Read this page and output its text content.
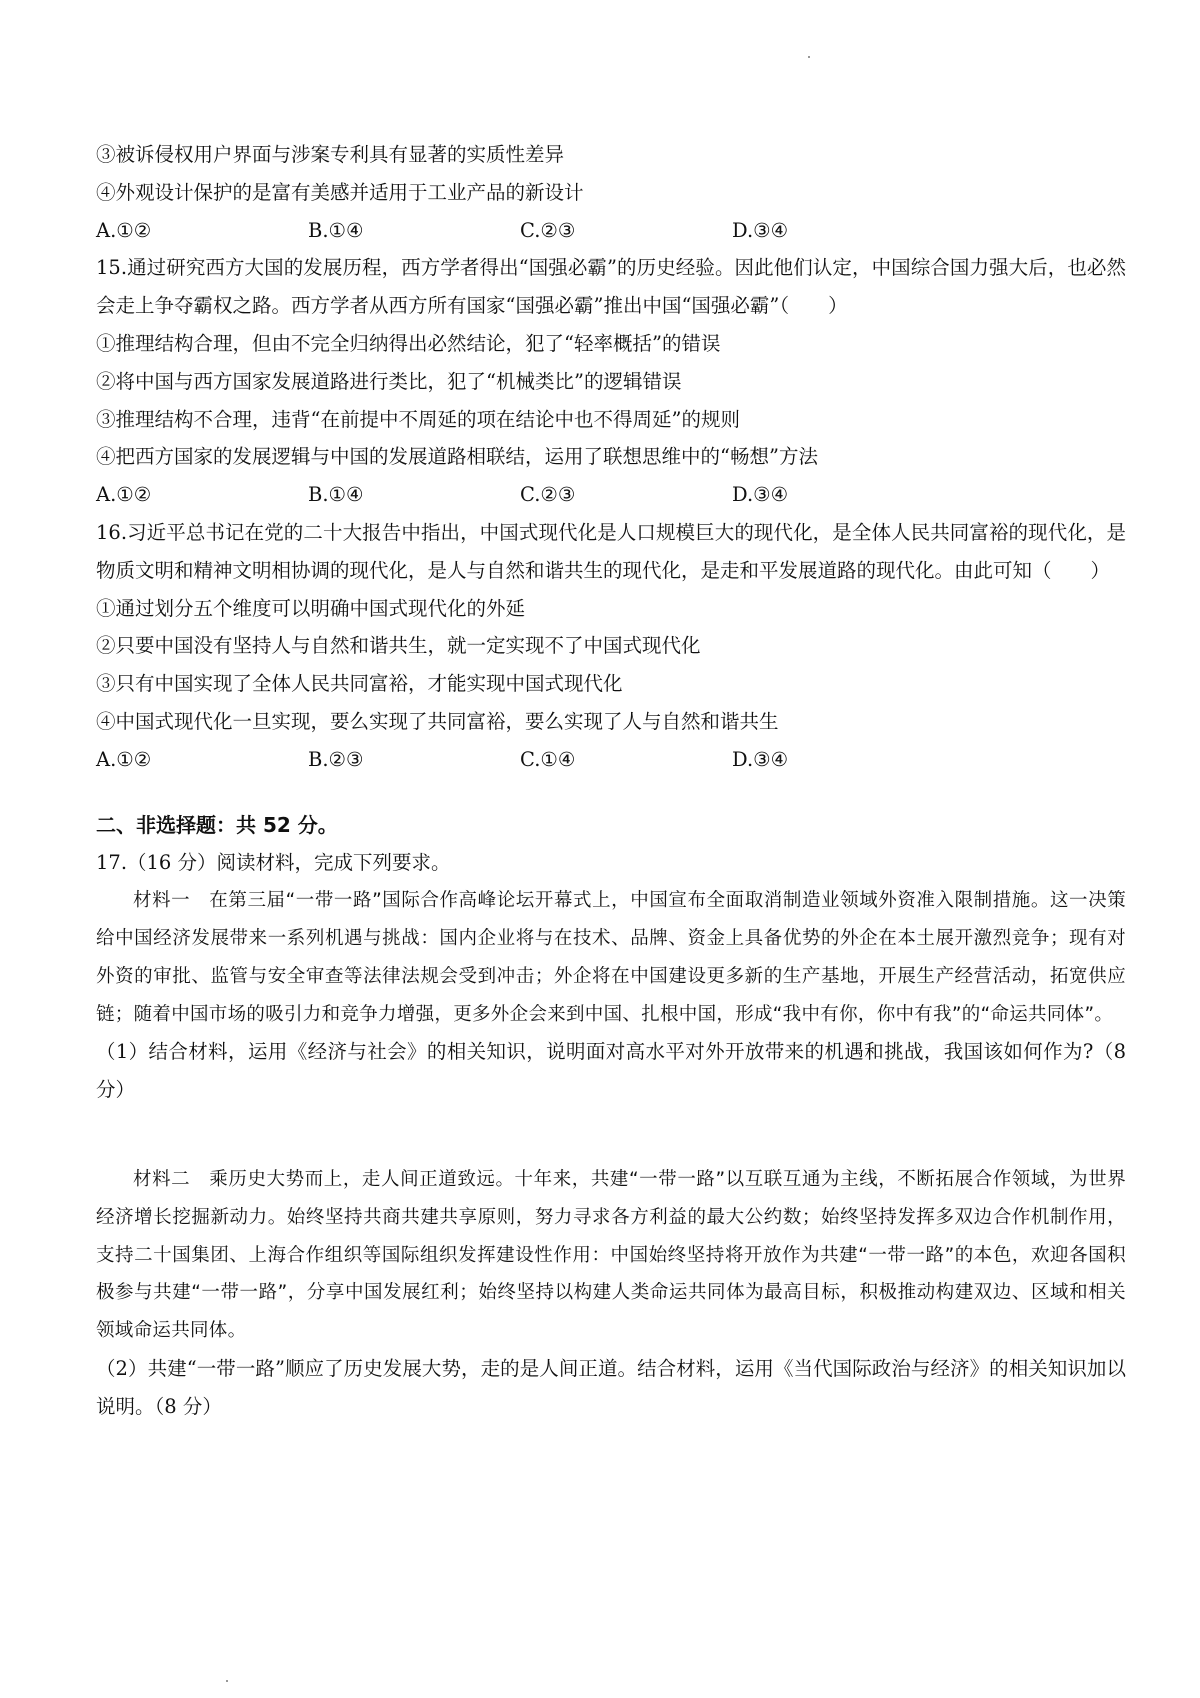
③被诉侵权用户界面与涉案专利具有显著的实质性差异
④外观设计保护的是富有美感并适用于工业产品的新设计
A.①②	B.①④	C.②③	D.③④
15.通过研究西方大国的发展历程，西方学者得出“国强必霸”的历史经验。因此他们认定，中国综合国力强大后，也必然会走上争夺霸权之路。西方学者从西方所有国家“国强必霸”推出中国“国强必霸”（　　）
①推理结构合理，但由不完全归纳得出必然结论，犯了“轻率概括”的错误
②将中国与西方国家发展道路进行类比，犯了“机械类比”的逻辑错误
③推理结构不合理，违背“在前提中不周延的项在结论中也不得周延”的规则
④把西方国家的发展逻辑与中国的发展道路相联结，运用了联想思维中的“畅想”方法
A.①②	B.①④	C.②③	D.③④
16.习近平总书记在党的二十大报告中指出，中国式现代化是人口规模巨大的现代化，是全体人民共同富裕的现代化，是物质文明和精神文明相协调的现代化，是人与自然和谐共生的现代化，是走和平发展道路的现代化。由此可知（　　）
①通过划分五个维度可以明确中国式现代化的外延
②只要中国没有坚持人与自然和谐共生，就一定实现不了中国式现代化
③只有中国实现了全体人民共同富裕，才能实现中国式现代化
④中国式现代化一旦实现，要么实现了共同富裕，要么实现了人与自然和谐共生
A.①②	B.②③	C.①④	D.③④
二、非选择题：共 52 分。
17.（16 分）阅读材料，完成下列要求。
材料一　在第三届“一带一路”国际合作高峰论坛开幕式上，中国宣布全面取消制造业领域外资准入限制措施。这一决策给中国经济发展带来一系列机遇与挑战：国内企业将与在技术、品牌、资金上具备优势的外企在本土展开激烈竞争；现有对外资的审批、监管与安全审查等法律法规会受到冲击；外企将在中国建设更多新的生产基地，开展生产经营活动，拓宽供应链；随着中国市场的吸引力和竞争力增强，更多外企会来到中国、扎根中国，形成“我中有你，你中有我”的“命运共同体”。
（1）结合材料，运用《经济与社会》的相关知识，说明面对高水平对外开放带来的机遇和挑战，我国该如何作为?（8 分）
材料二　乘历史大势而上，走人间正道致远。十年来，共建“一带一路”以互联互通为主线，不断拓展合作领域，为世界经济增长挖掘新动力。始终坚持共商共建共享原则，努力寻求各方利益的最大公约数；始终坚持发挥多双边合作机制作用，支持二十国集团、上海合作组织等国际组织发挥建设性作用：中国始终坚持将开放作为共建“一带一路”的本色，欢迎各国积极参与共建“一带一路”，分享中国发展红利；始终坚持以构建人类命运共同体为最高目标，积极推动构建双边、区域和相关领域命运共同体。
（2）共建“一带一路”顺应了历史发展大势，走的是人间正道。结合材料，运用《当代国际政治与经济》的相关知识加以说明。（8 分）
